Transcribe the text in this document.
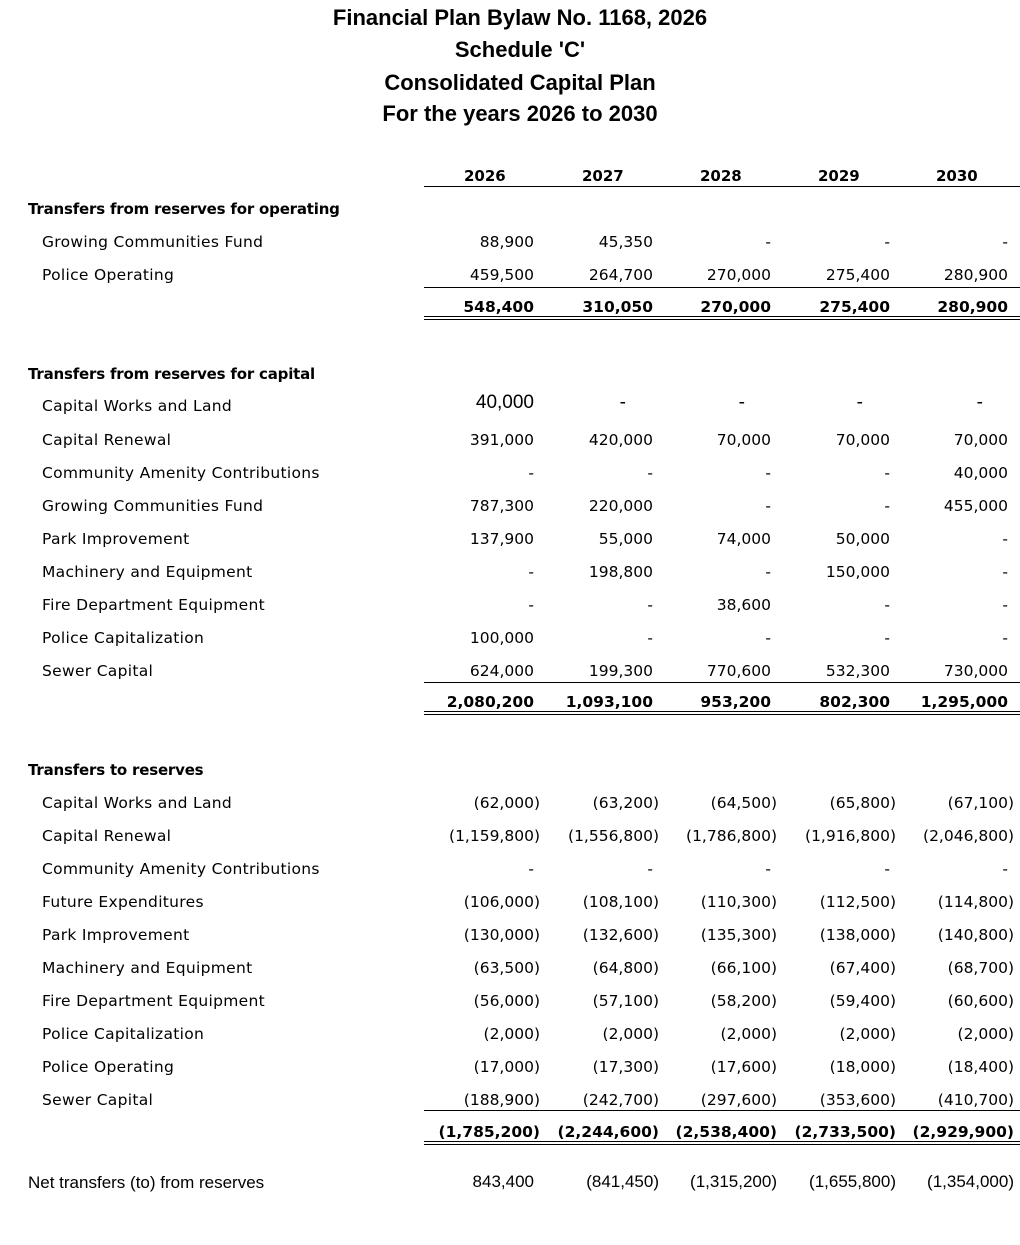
Financial Plan Bylaw No. 1168, 2026
Schedule 'C'
Consolidated Capital Plan
For the years 2026 to 2030
2026	2027	2028	2029	2030
Transfers from reserves for operating
Growing Communities Fund	88,900	45,350	-	-	-
Police Operating	459,500	264,700	270,000	275,400	280,900
548,400	310,050	270,000	275,400	280,900
Transfers from reserves for capital
Capital Works and Land	40,000	-	-	-	-
Capital Renewal	391,000	420,000	70,000	70,000	70,000
Community Amenity Contributions	-	-	-	-	40,000
Growing Communities Fund	787,300	220,000	-	-	455,000
Park Improvement	137,900	55,000	74,000	50,000	-
Machinery and Equipment	-	198,800	-	150,000	-
Fire Department Equipment	-	-	38,600	-	-
Police Capitalization	100,000	-	-	-	-
Sewer Capital	624,000	199,300	770,600	532,300	730,000
2,080,200 1,093,100	953,200	802,300 1,295,000
Transfers to reserves
Capital Works and Land	(62,000)	(63,200)	(64,500)	(65,800)	(67,100)
Capital Renewal	(1,159,800) (1,556,800) (1,786,800) (1,916,800) (2,046,800)
Community Amenity Contributions	-	-	-	-	-
Future Expenditures	(106,000)	(108,100)	(110,300)	(112,500)	(114,800)
Park Improvement	(130,000)	(132,600)	(135,300)	(138,000)	(140,800)
Machinery and Equipment	(63,500)	(64,800)	(66,100)	(67,400)	(68,700)
Fire Department Equipment	(56,000)	(57,100)	(58,200)	(59,400)	(60,600)
Police Capitalization	(2,000)	(2,000)	(2,000)	(2,000)	(2,000)
Police Operating	(17,000)	(17,300)	(17,600)	(18,000)	(18,400)
Sewer Capital	(188,900)	(242,700)	(297,600)	(353,600)	(410,700)
(1,785,200) (2,244,600) (2,538,400) (2,733,500) (2,929,900)
Net transfers (to) from reserves	843,400	(841,450) (1,315,200) (1,655,800) (1,354,000)
